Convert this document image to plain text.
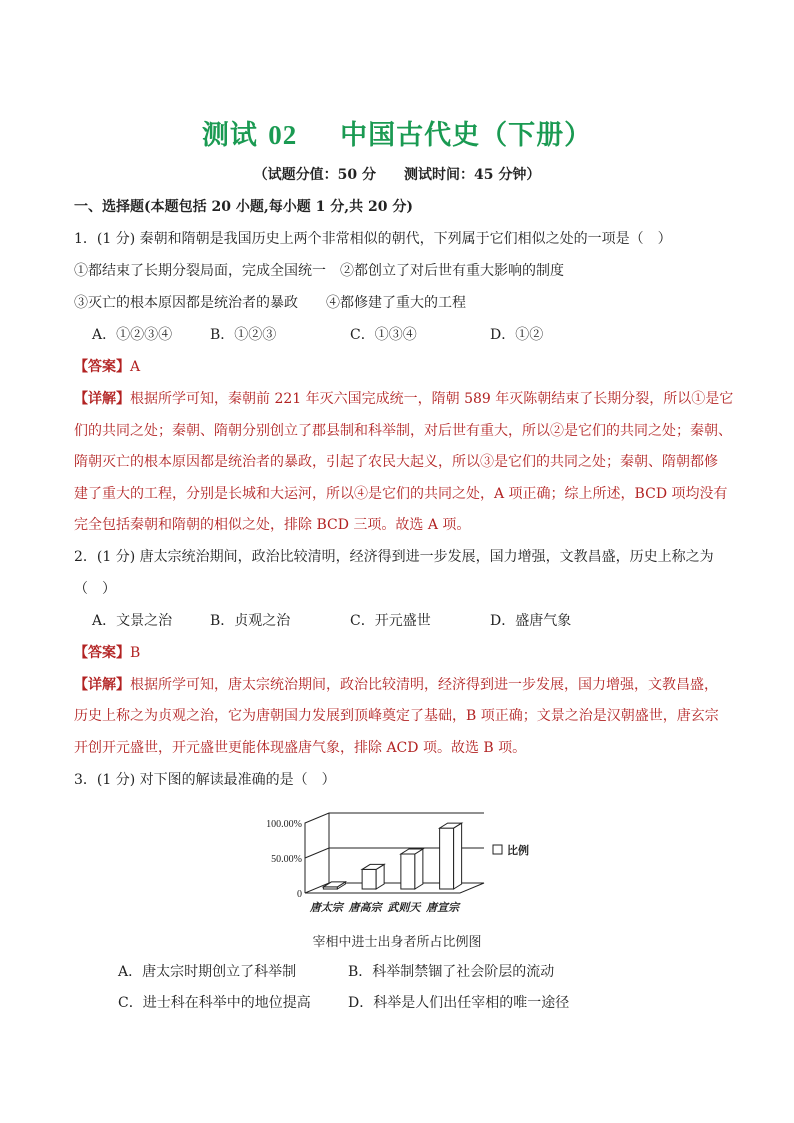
测试 02 中国古代史（下册）
（试题分值：50 分　　测试时间：45 分钟）
一、选择题(本题包括 20 小题,每小题 1 分,共 20 分)
1．(1 分) 秦朝和隋朝是我国历史上两个非常相似的朝代，下列属于它们相似之处的一项是（　）
①都结束了长期分裂局面，完成全国统一　②都创立了对后世有重大影响的制度
③灭亡的根本原因都是统治者的暴政　　④都修建了重大的工程
A．①②③④	B．①②③	C．①③④	D．①②
【答案】A
【详解】根据所学可知，秦朝前 221 年灭六国完成统一，隋朝 589 年灭陈朝结束了长期分裂，所以①是它
们的共同之处；秦朝、隋朝分别创立了郡县制和科举制，对后世有重大，所以②是它们的共同之处；秦朝、
隋朝灭亡的根本原因都是统治者的暴政，引起了农民大起义，所以③是它们的共同之处；秦朝、隋朝都修
建了重大的工程，分别是长城和大运河，所以④是它们的共同之处，A 项正确；综上所述，BCD 项均没有
完全包括秦朝和隋朝的相似之处，排除 BCD 三项。故选 A 项。
2．(1 分) 唐太宗统治期间，政治比较清明，经济得到进一步发展，国力增强，文教昌盛，历史上称之为
（　）
A．文景之治	B．贞观之治	C．开元盛世	D．盛唐气象
【答案】B
【详解】根据所学可知，唐太宗统治期间，政治比较清明，经济得到进一步发展，国力增强，文教昌盛，
历史上称之为贞观之治，它为唐朝国力发展到顶峰奠定了基础，B 项正确；文景之治是汉朝盛世，唐玄宗
开创开元盛世，开元盛世更能体现盛唐气象，排除 ACD 项。故选 B 项。
3．(1 分) 对下图的解读最准确的是（　）
0
50.00%
100.00%
唐太宗 唐高宗 武则天 唐宣宗
比例
宰相中进士出身者所占比例图
A．唐太宗时期创立了科举制	B．科举制禁锢了社会阶层的流动
C．进士科在科举中的地位提高	D．科举是人们出任宰相的唯一途径
